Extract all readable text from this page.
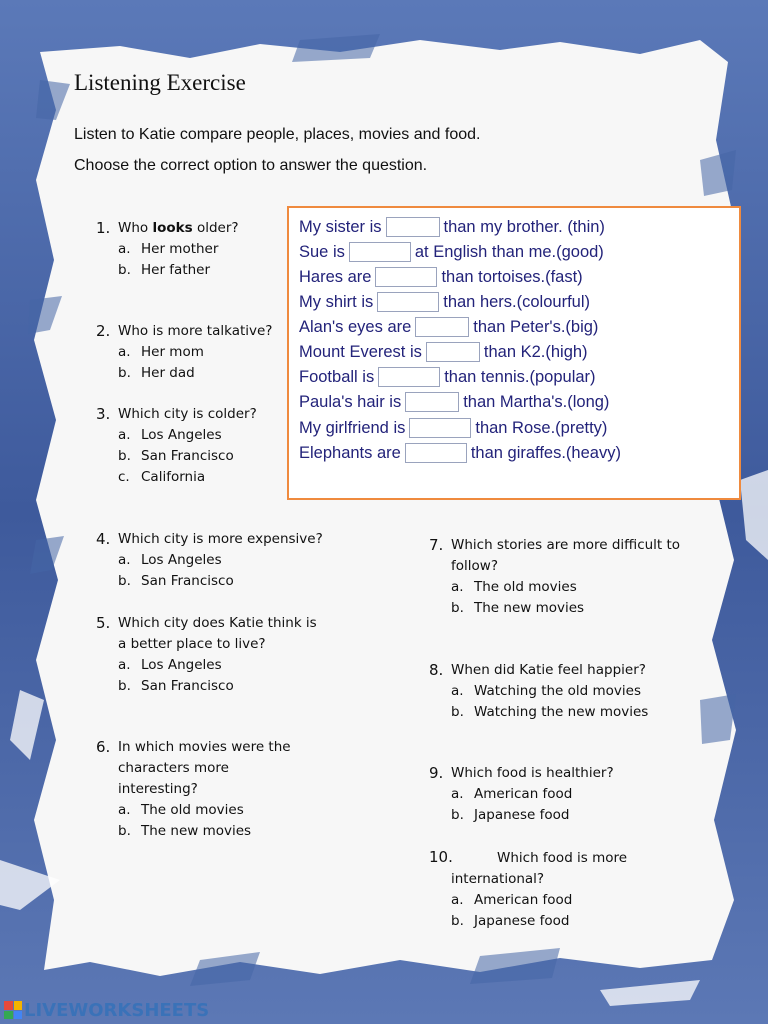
Listening Exercise

Listen to Katie compare people, places, movies and food.

Choose the correct option to answer the question.

1. Who looks older?
a. Her mother
b. Her father
2. Who is more talkative?
a. Her mom
b. Her dad
3. Which city is colder?
a. Los Angeles
b. San Francisco
c. California
4. Which city is more expensive?
a. Los Angeles
b. San Francisco
5. Which city does Katie think is
a better place to live?
a. Los Angeles
b. San Francisco
6. In which movies were the
characters more
interesting?
a. The old movies
b. The new movies
7. Which stories are more difficult to
follow?
a. The old movies
b. The new movies
8. When did Katie feel happier?
a. Watching the old movies
b. Watching the new movies
9. Which food is healthier?
a. American food
b. Japanese food
10.	Which food is more
international?
a. American food
b. Japanese food
My sister is	than my brother. (thin)
Sue is	at English than me.(good)
Hares are	than tortoises.(fast)
My shirt is	than hers.(colourful)
Alan's eyes are	than Peter's.(big)
Mount Everest is	than K2.(high)
Football is	than tennis.(popular)
Paula's hair is	than Martha's.(long)
My girlfriend is	than Rose.(pretty)
Elephants are	than giraffes.(heavy)
LIVEWORKSHEETS
